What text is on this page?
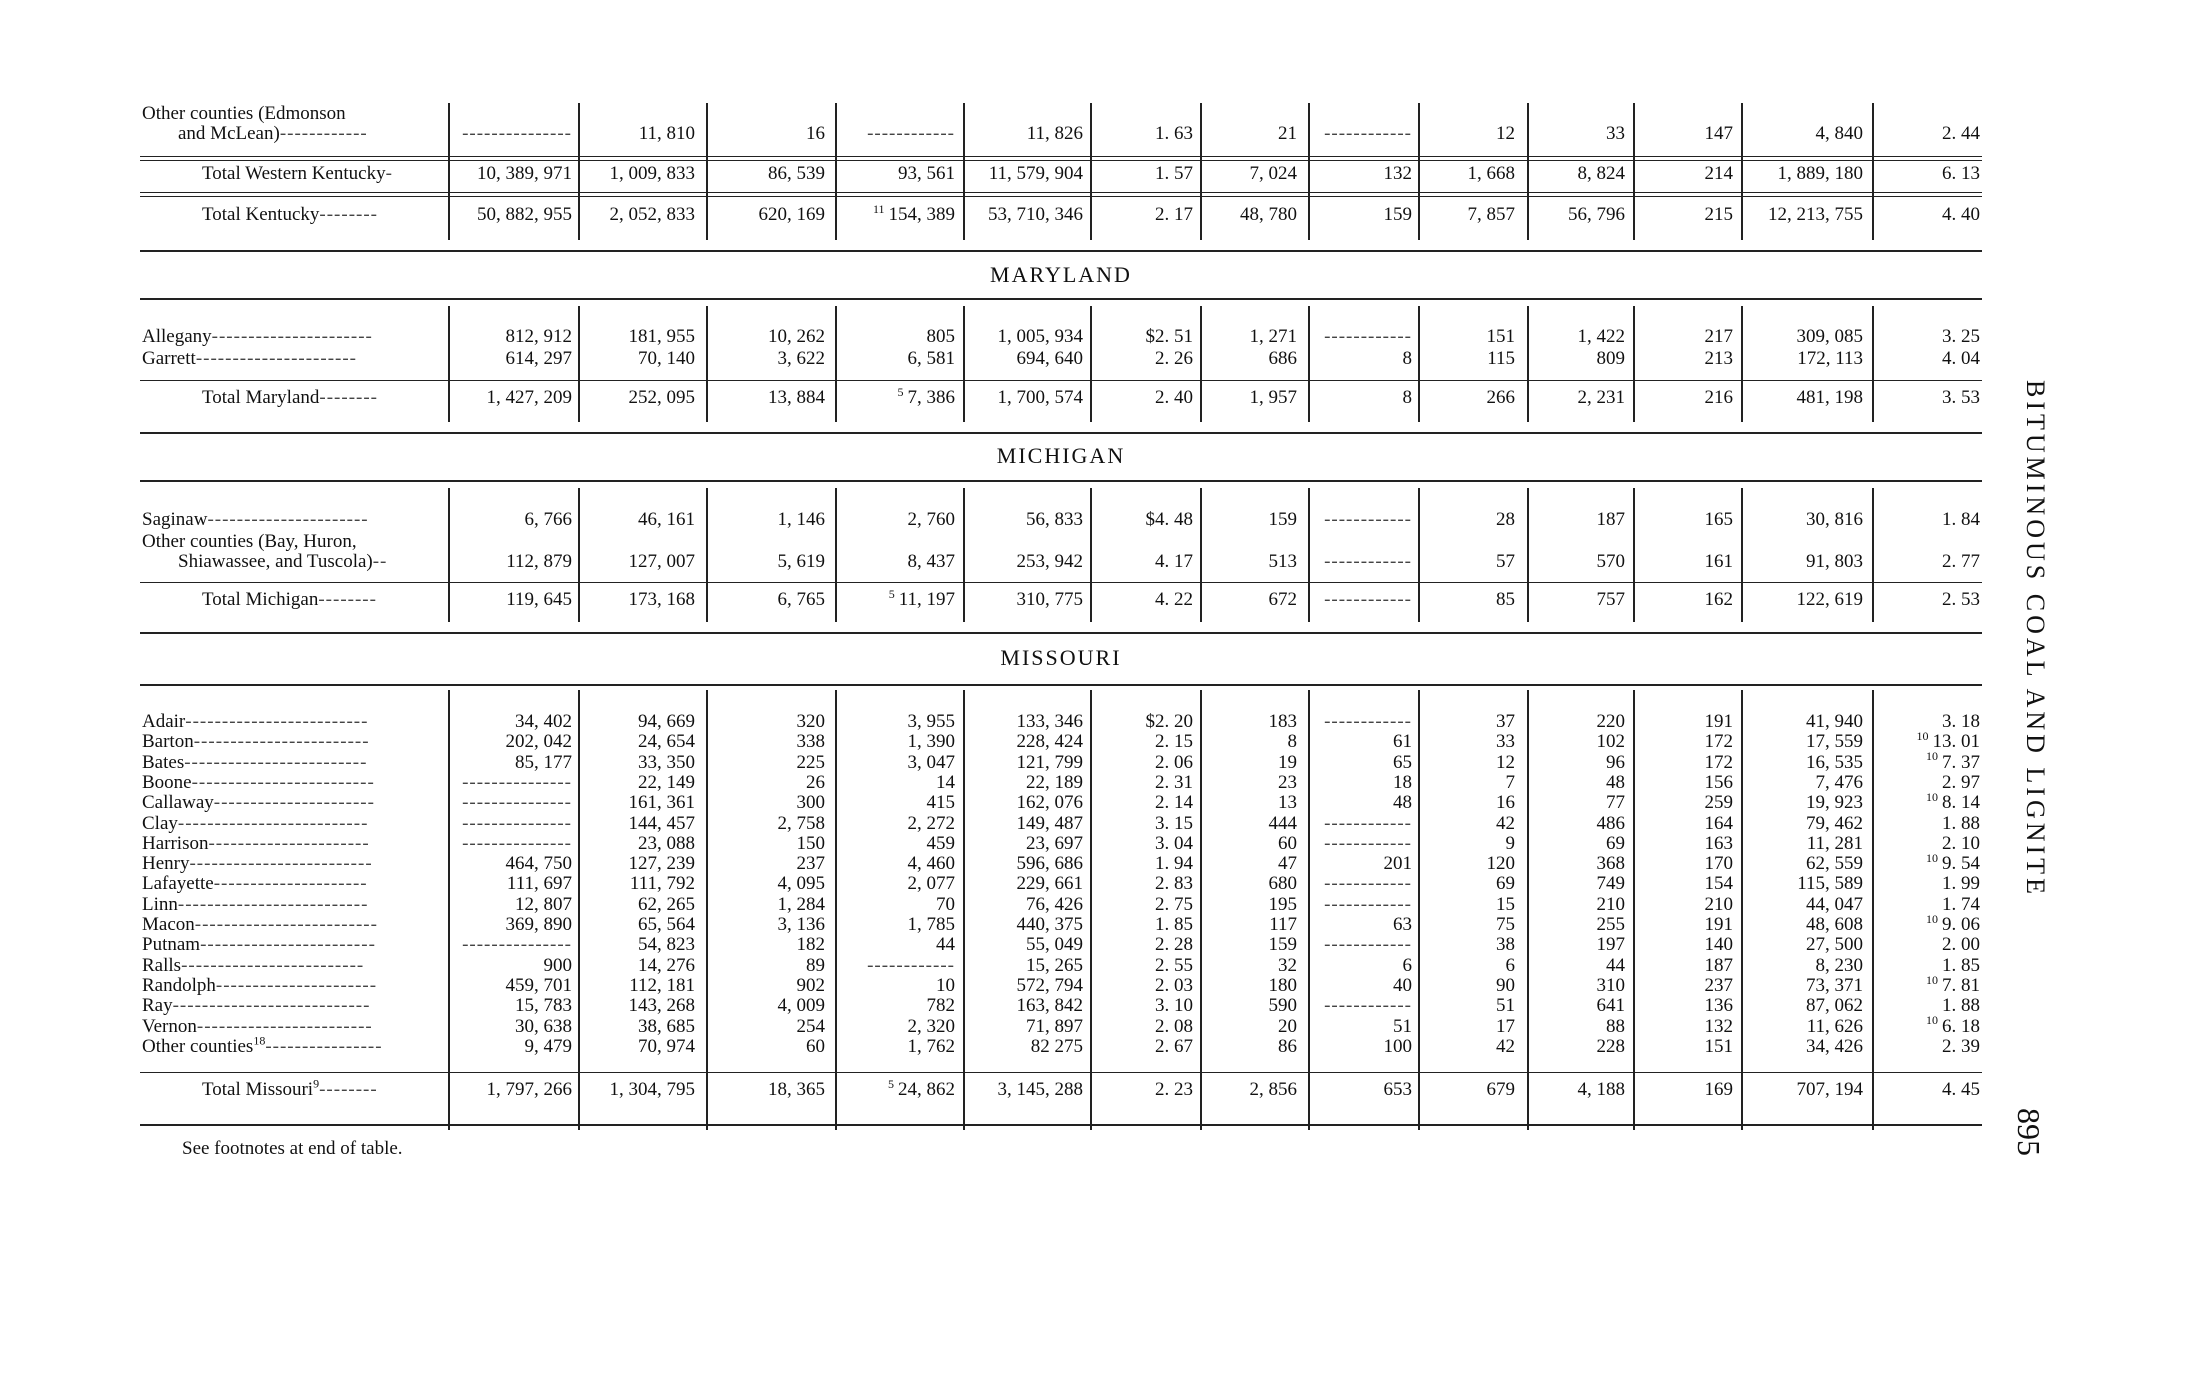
Other counties (Edmonson
and McLean)------------	---------------	11, 810	16	------------	11, 826	1. 63	21	------------	12	33	147	4, 840	2. 44
Total Western Kentucky-	10, 389, 971	1, 009, 833	86, 539	93, 561	11, 579, 904	1. 57	7, 024	132	1, 668	8, 824	214	1, 889, 180	6. 13
Total Kentucky--------	50, 882, 955	2, 052, 833	620, 169	$^{11}$ 154, 389	53, 710, 346	2. 17	48, 780	159	7, 857	56, 796	215	12, 213, 755	4. 40
MARYLAND
Allegany----------------------	812, 912	181, 955	10, 262	805	1, 005, 934	$2. 51	1, 271	------------	151	1, 422	217	309, 085	3. 25
Garrett----------------------	614, 297	70, 140	3, 622	6, 581	694, 640	2. 26	686	8	115	809	213	172, 113	4. 04
Total Maryland--------	1, 427, 209	252, 095	13, 884	$^5$ 7, 386	1, 700, 574	2. 40	1, 957	8	266	2, 231	216	481, 198	3. 53
MICHIGAN
Saginaw----------------------	6, 766	46, 161	1, 146	2, 760	56, 833	$4. 48	159	------------	28	187	165	30, 816	1. 84
Other counties (Bay, Huron,
Shiawassee, and Tuscola)--	112, 879	127, 007	5, 619	8, 437	253, 942	4. 17	513	------------	57	570	161	91, 803	2. 77
Total Michigan--------	119, 645	173, 168	6, 765	$^5$ 11, 197	310, 775	4. 22	672	------------	85	757	162	122, 619	2. 53
MISSOURI
Adair-------------------------	34, 402	94, 669	320	3, 955	133, 346	$2. 20	183	------------	37	220	191	41, 940	3. 18
Barton------------------------	202, 042	24, 654	338	1, 390	228, 424	2. 15	8	61	33	102	172	17, 559	$^{10}$ 13. 01
Bates-------------------------	85, 177	33, 350	225	3, 047	121, 799	2. 06	19	65	12	96	172	16, 535	$^{10}$ 7. 37
Boone-------------------------	---------------	22, 149	26	14	22, 189	2. 31	23	18	7	48	156	7, 476	2. 97
Callaway----------------------	---------------	161, 361	300	415	162, 076	2. 14	13	48	16	77	259	19, 923	$^{10}$ 8. 14
Clay--------------------------	---------------	144, 457	2, 758	2, 272	149, 487	3. 15	444	------------	42	486	164	79, 462	1. 88
Harrison----------------------	---------------	23, 088	150	459	23, 697	3. 04	60	------------	9	69	163	11, 281	2. 10
Henry-------------------------	464, 750	127, 239	237	4, 460	596, 686	1. 94	47	201	120	368	170	62, 559	$^{10}$ 9. 54
Lafayette---------------------	111, 697	111, 792	4, 095	2, 077	229, 661	2. 83	680	------------	69	749	154	115, 589	1. 99
Linn--------------------------	12, 807	62, 265	1, 284	70	76, 426	2. 75	195	------------	15	210	210	44, 047	1. 74
Macon-------------------------	369, 890	65, 564	3, 136	1, 785	440, 375	1. 85	117	63	75	255	191	48, 608	$^{10}$ 9. 06
Putnam------------------------	---------------	54, 823	182	44	55, 049	2. 28	159	------------	38	197	140	27, 500	2. 00
Ralls-------------------------	900	14, 276	89	------------	15, 265	2. 55	32	6	6	44	187	8, 230	1. 85
Randolph----------------------	459, 701	112, 181	902	10	572, 794	2. 03	180	40	90	310	237	73, 371	$^{10}$ 7. 81
Ray---------------------------	15, 783	143, 268	4, 009	782	163, 842	3. 10	590	------------	51	641	136	87, 062	1. 88
Vernon------------------------	30, 638	38, 685	254	2, 320	71, 897	2. 08	20	51	17	88	132	11, 626	$^{10}$ 6. 18
Other counties$^{18}$----------------	9, 479	70, 974	60	1, 762	82 275	2. 67	86	100	42	228	151	34, 426	2. 39
Total Missouri$^9$--------	1, 797, 266	1, 304, 795	18, 365	$^5$ 24, 862	3, 145, 288	2. 23	2, 856	653	679	4, 188	169	707, 194	4. 45
See footnotes at end of table.
BITUMINOUS COAL AND LIGNITE
895
